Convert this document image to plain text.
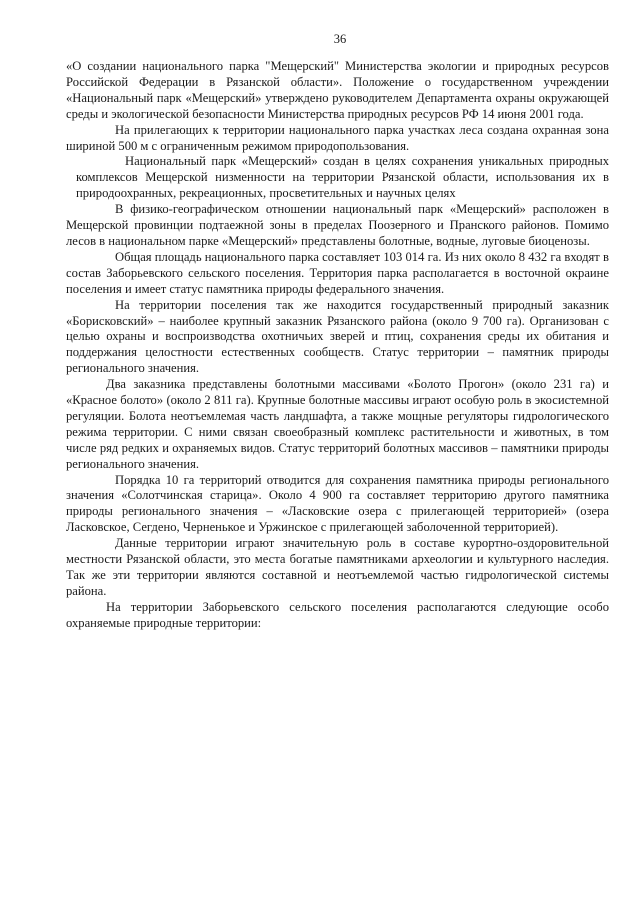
36

«О создании национального парка "Мещерский" Министерства экологии и природных ресурсов Российской Федерации в Рязанской области». Положение о государственном учреждении «Национальный парк «Мещерский» утверждено руководителем Департамента охраны окружающей среды и экологической безопасности Министерства природных ресурсов РФ 14 июня 2001 года.

На прилегающих к территории национального парка участках леса создана охранная зона шириной 500 м с ограниченным режимом природопользования.

Национальный парк «Мещерский» создан в целях сохранения уникальных природных комплексов Мещерской низменности на территории Рязанской области, использования их в природоохранных, рекреационных, просветительных и научных целях

В физико-географическом отношении национальный парк «Мещерский» расположен в Мещерской провинции подтаежной зоны в пределах Поозерного и Пранского районов. Помимо лесов в национальном парке «Мещерский» представлены болотные, водные, луговые биоценозы.

Общая площадь национального парка составляет 103 014 га. Из них около 8 432 га входят в состав Заборьевского сельского поселения. Территория парка располагается в восточной окраине поселения и имеет статус памятника природы федерального значения.

На территории поселения так же находится государственный природный заказник «Борисковский» – наиболее крупный заказник Рязанского района (около 9 700 га). Организован с целью охраны и воспроизводства охотничьих зверей и птиц, сохранения среды их обитания и поддержания целостности естественных сообществ. Статус территории – памятник природы регионального значения.

Два заказника представлены болотными массивами «Болото Прогон» (около 231 га) и «Красное болото» (около 2 811 га). Крупные болотные массивы играют особую роль в экосистемной регуляции. Болота неотъемлемая часть ландшафта, а также мощные регуляторы гидрологического режима территории. С ними связан своеобразный комплекс растительности и животных, в том числе ряд редких и охраняемых видов. Статус территорий болотных массивов – памятники природы регионального значения.

Порядка 10 га территорий отводится для сохранения памятника природы регионального значения «Солотчинская старица». Около 4 900 га составляет территорию другого памятника природы регионального значения – «Ласковские озера с прилегающей территорией» (озера Ласковское, Сегдено, Черненькое и Уржинское с прилегающей заболоченной территорией).

Данные территории играют значительную роль в составе курортно-оздоровительной местности Рязанской области, это места богатые памятниками археологии и культурного наследия. Так же эти территории являются составной и неотъемлемой частью гидрологической системы района.

На территории Заборьевского сельского поселения располагаются следующие особо охраняемые природные территории:
